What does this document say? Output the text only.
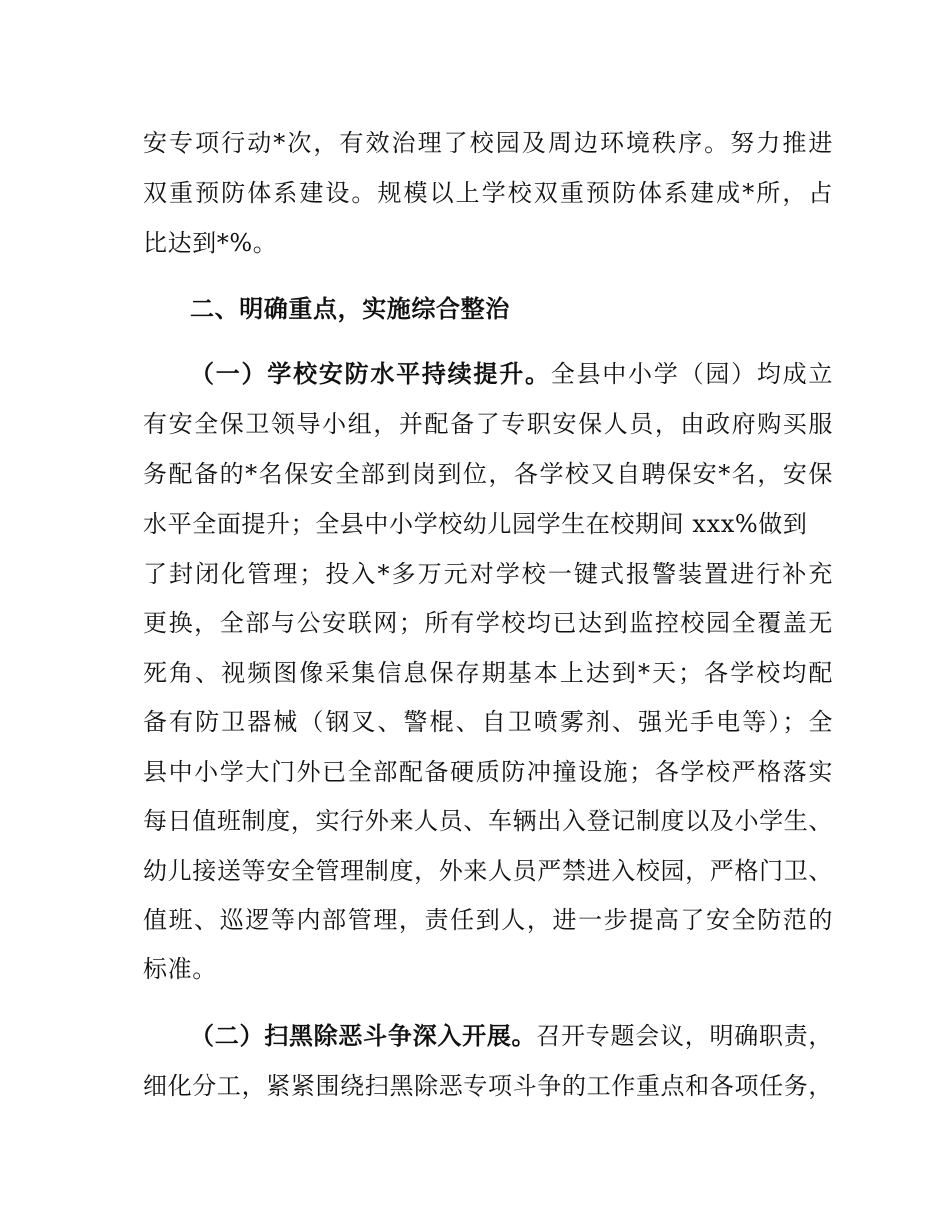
安专项行动*次，有效治理了校园及周边环境秩序。努力推进
双重预防体系建设。规模以上学校双重预防体系建成*所，占
比达到*%。
二、明确重点，实施综合整治
（一）学校安防水平持续提升。全县中小学（园）均成立
有安全保卫领导小组，并配备了专职安保人员，由政府购买服
务配备的*名保安全部到岗到位，各学校又自聘保安*名，安保
水平全面提升；全县中小学校幼儿园学生在校期间 xxx%做到
了封闭化管理；投入*多万元对学校一键式报警装置进行补充
更换，全部与公安联网；所有学校均已达到监控校园全覆盖无
死角、视频图像采集信息保存期基本上达到*天；各学校均配
备有防卫器械（钢叉、警棍、自卫喷雾剂、强光手电等）；全
县中小学大门外已全部配备硬质防冲撞设施；各学校严格落实
每日值班制度，实行外来人员、车辆出入登记制度以及小学生、
幼儿接送等安全管理制度，外来人员严禁进入校园，严格门卫、
值班、巡逻等内部管理，责任到人，进一步提高了安全防范的
标准。
（二）扫黑除恶斗争深入开展。召开专题会议，明确职责，
细化分工，紧紧围绕扫黑除恶专项斗争的工作重点和各项任务，
